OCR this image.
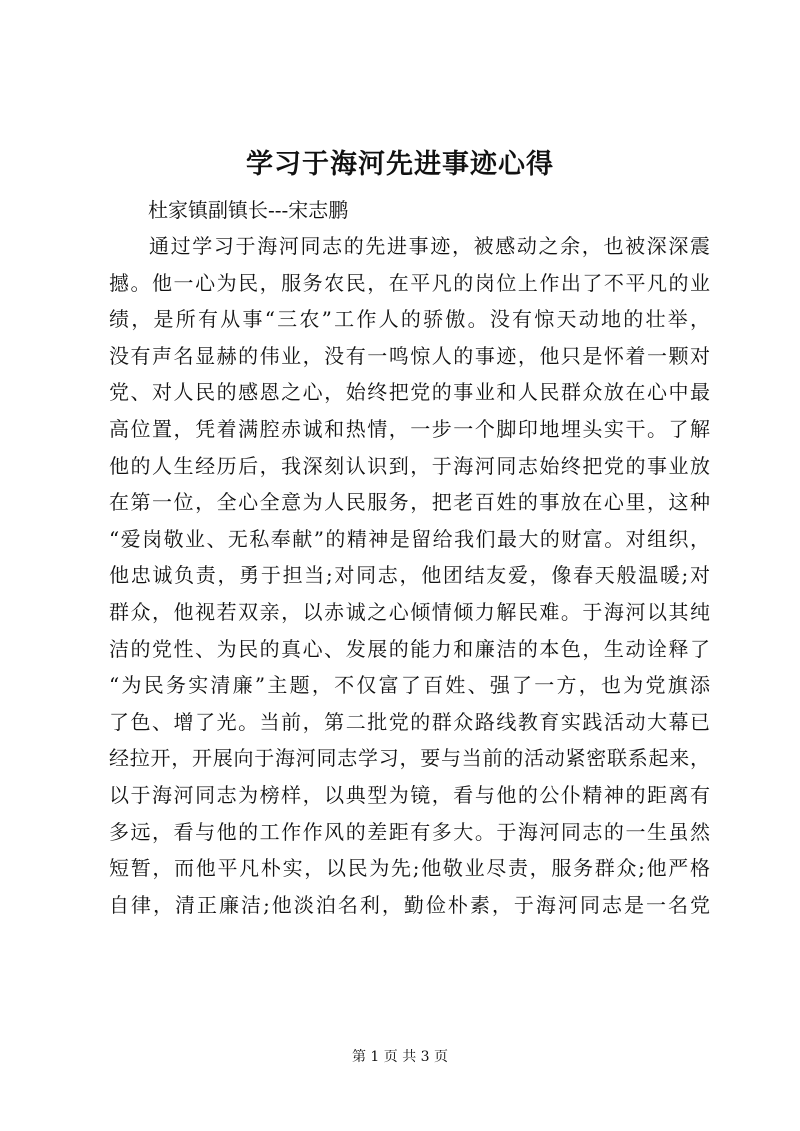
学习于海河先进事迹心得

杜家镇副镇长---宋志鹏

通过学习于海河同志的先进事迹，被感动之余，也被深深震
撼。他一心为民，服务农民，在平凡的岗位上作出了不平凡的业
绩，是所有从事“三农”工作人的骄傲。没有惊天动地的壮举，
没有声名显赫的伟业，没有一鸣惊人的事迹，他只是怀着一颗对
党、对人民的感恩之心，始终把党的事业和人民群众放在心中最
高位置，凭着满腔赤诚和热情，一步一个脚印地埋头实干。了解
他的人生经历后，我深刻认识到，于海河同志始终把党的事业放
在第一位，全心全意为人民服务，把老百姓的事放在心里，这种
“爱岗敬业、无私奉献”的精神是留给我们最大的财富。对组织，
他忠诚负责，勇于担当;对同志，他团结友爱，像春天般温暖;对
群众，他视若双亲，以赤诚之心倾情倾力解民难。于海河以其纯
洁的党性、为民的真心、发展的能力和廉洁的本色，生动诠释了
“为民务实清廉”主题，不仅富了百姓、强了一方，也为党旗添
了色、增了光。当前，第二批党的群众路线教育实践活动大幕已
经拉开，开展向于海河同志学习，要与当前的活动紧密联系起来，
以于海河同志为榜样，以典型为镜，看与他的公仆精神的距离有
多远，看与他的工作作风的差距有多大。于海河同志的一生虽然
短暂，而他平凡朴实，以民为先;他敬业尽责，服务群众;他严格
自律，清正廉洁;他淡泊名利，勤俭朴素，于海河同志是一名党

第 1 页 共 3 页
